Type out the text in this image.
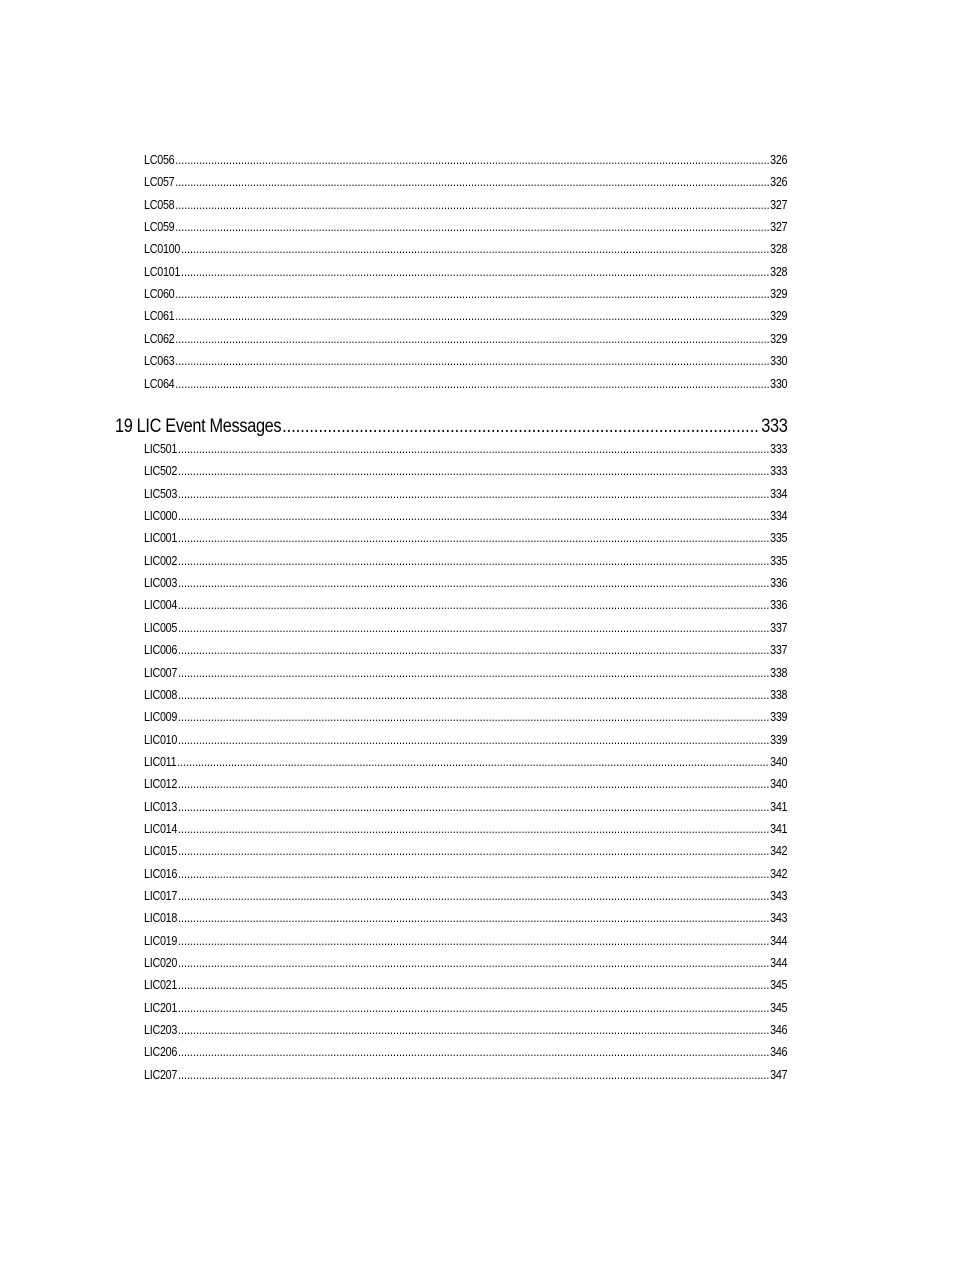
LC056 .....	326
LC057 .....	326
LC058 .....	327
LC059 .....	327
LC0100 .....	328
LC0101 .....	328
LC060 .....	329
LC061 .....	329
LC062 .....	329
LC063 .....	330
LC064 .....	330
19 LIC Event Messages .....	333
LIC501 .....	333
LIC502 .....	333
LIC503 .....	334
LIC000 .....	334
LIC001 .....	335
LIC002 .....	335
LIC003 .....	336
LIC004 .....	336
LIC005 .....	337
LIC006 .....	337
LIC007 .....	338
LIC008 .....	338
LIC009 .....	339
LIC010 .....	339
LIC011 .....	340
LIC012 .....	340
LIC013 .....	341
LIC014 .....	341
LIC015 .....	342
LIC016 .....	342
LIC017 .....	343
LIC018 .....	343
LIC019 .....	344
LIC020 .....	344
LIC021 .....	345
LIC201 .....	345
LIC203 .....	346
LIC206 .....	346
LIC207 .....	347
